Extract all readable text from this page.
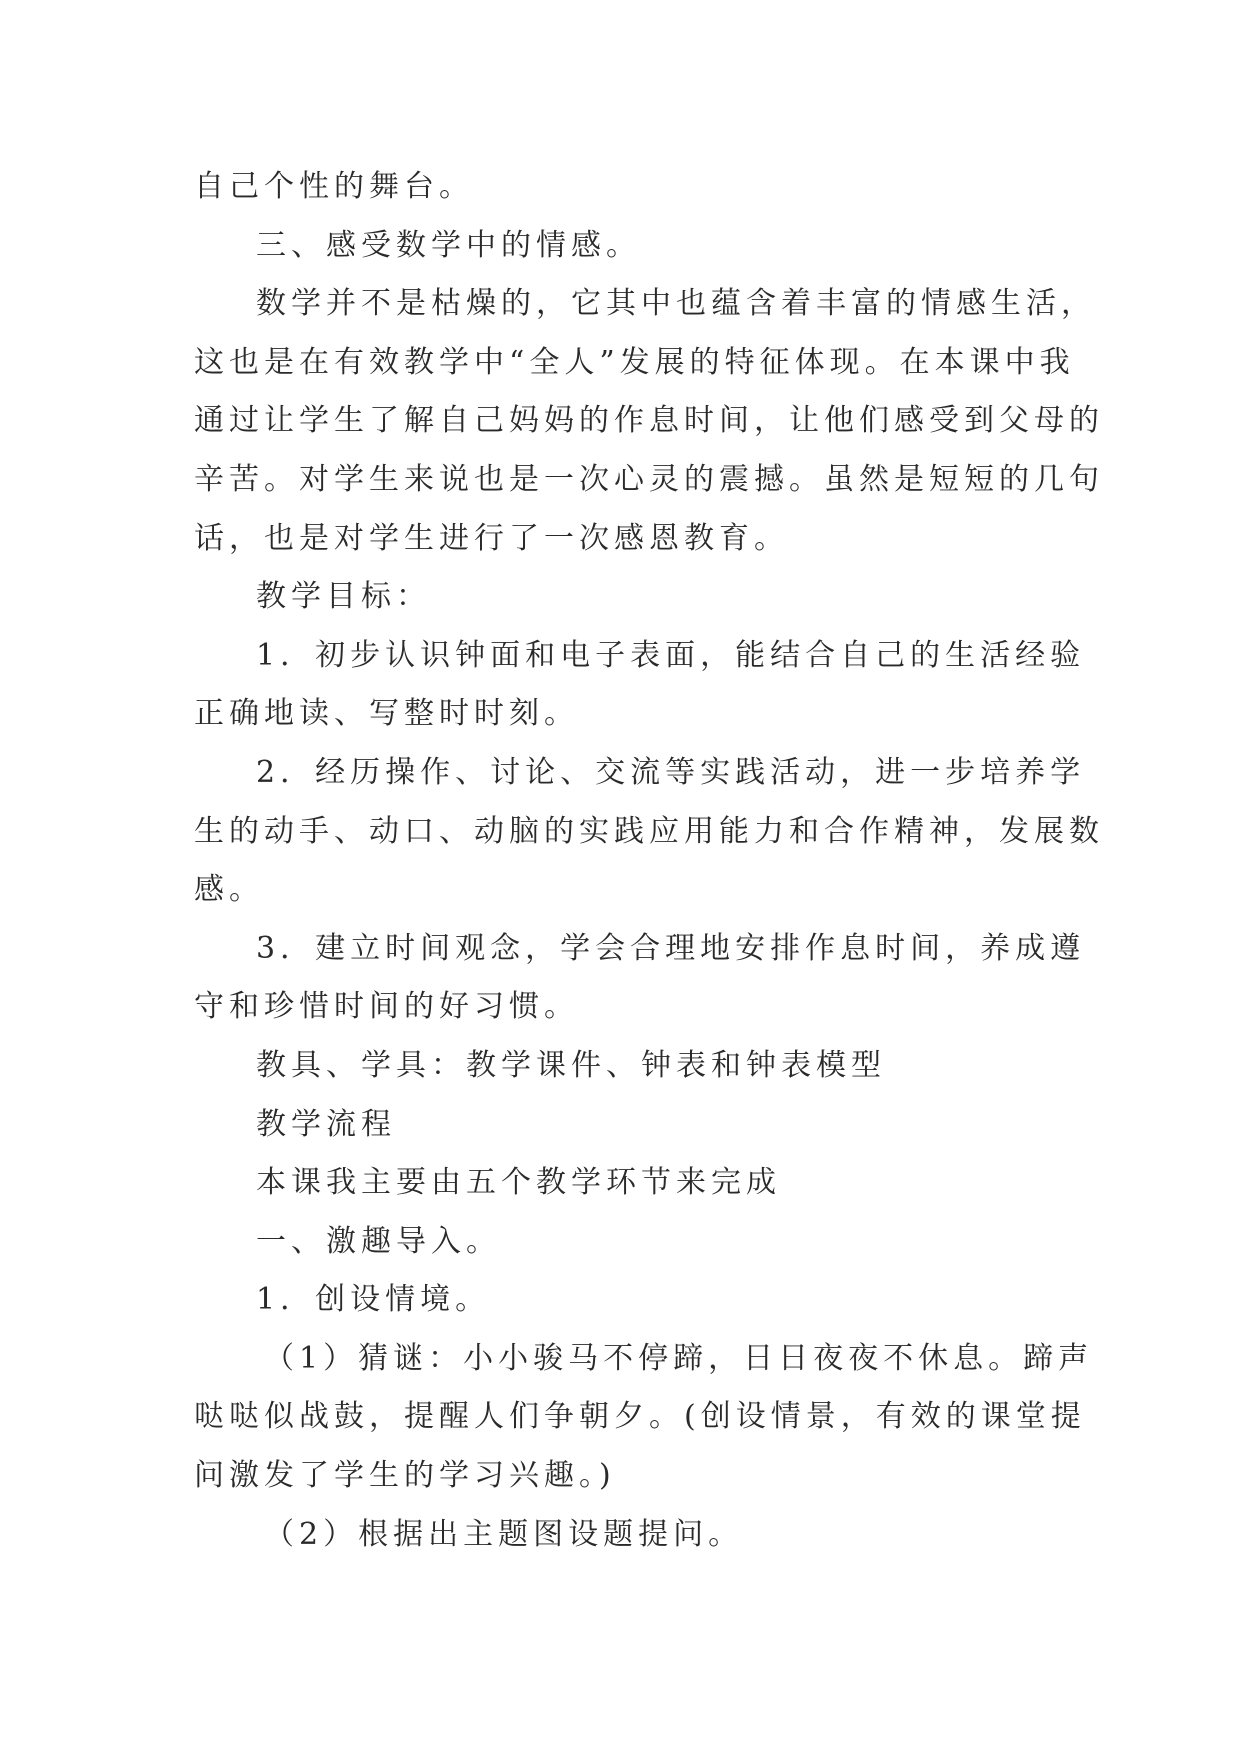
自己个性的舞台。
三、感受数学中的情感。
数学并不是枯燥的，它其中也蕴含着丰富的情感生活，
这也是在有效教学中“全人”发展的特征体现。在本课中我
通过让学生了解自己妈妈的作息时间，让他们感受到父母的
辛苦。对学生来说也是一次心灵的震撼。虽然是短短的几句
话，也是对学生进行了一次感恩教育。
教学目标：
1．初步认识钟面和电子表面，能结合自己的生活经验
正确地读、写整时时刻。
2．经历操作、讨论、交流等实践活动，进一步培养学
生的动手、动口、动脑的实践应用能力和合作精神，发展数
感。
3．建立时间观念，学会合理地安排作息时间，养成遵
守和珍惜时间的好习惯。
教具、学具：教学课件、钟表和钟表模型
教学流程
本课我主要由五个教学环节来完成
一、激趣导入。
1．创设情境。
（1）猜谜：小小骏马不停蹄，日日夜夜不休息。蹄声
哒哒似战鼓，提醒人们争朝夕。(创设情景，有效的课堂提
问激发了学生的学习兴趣。)
（2）根据出主题图设题提问。
